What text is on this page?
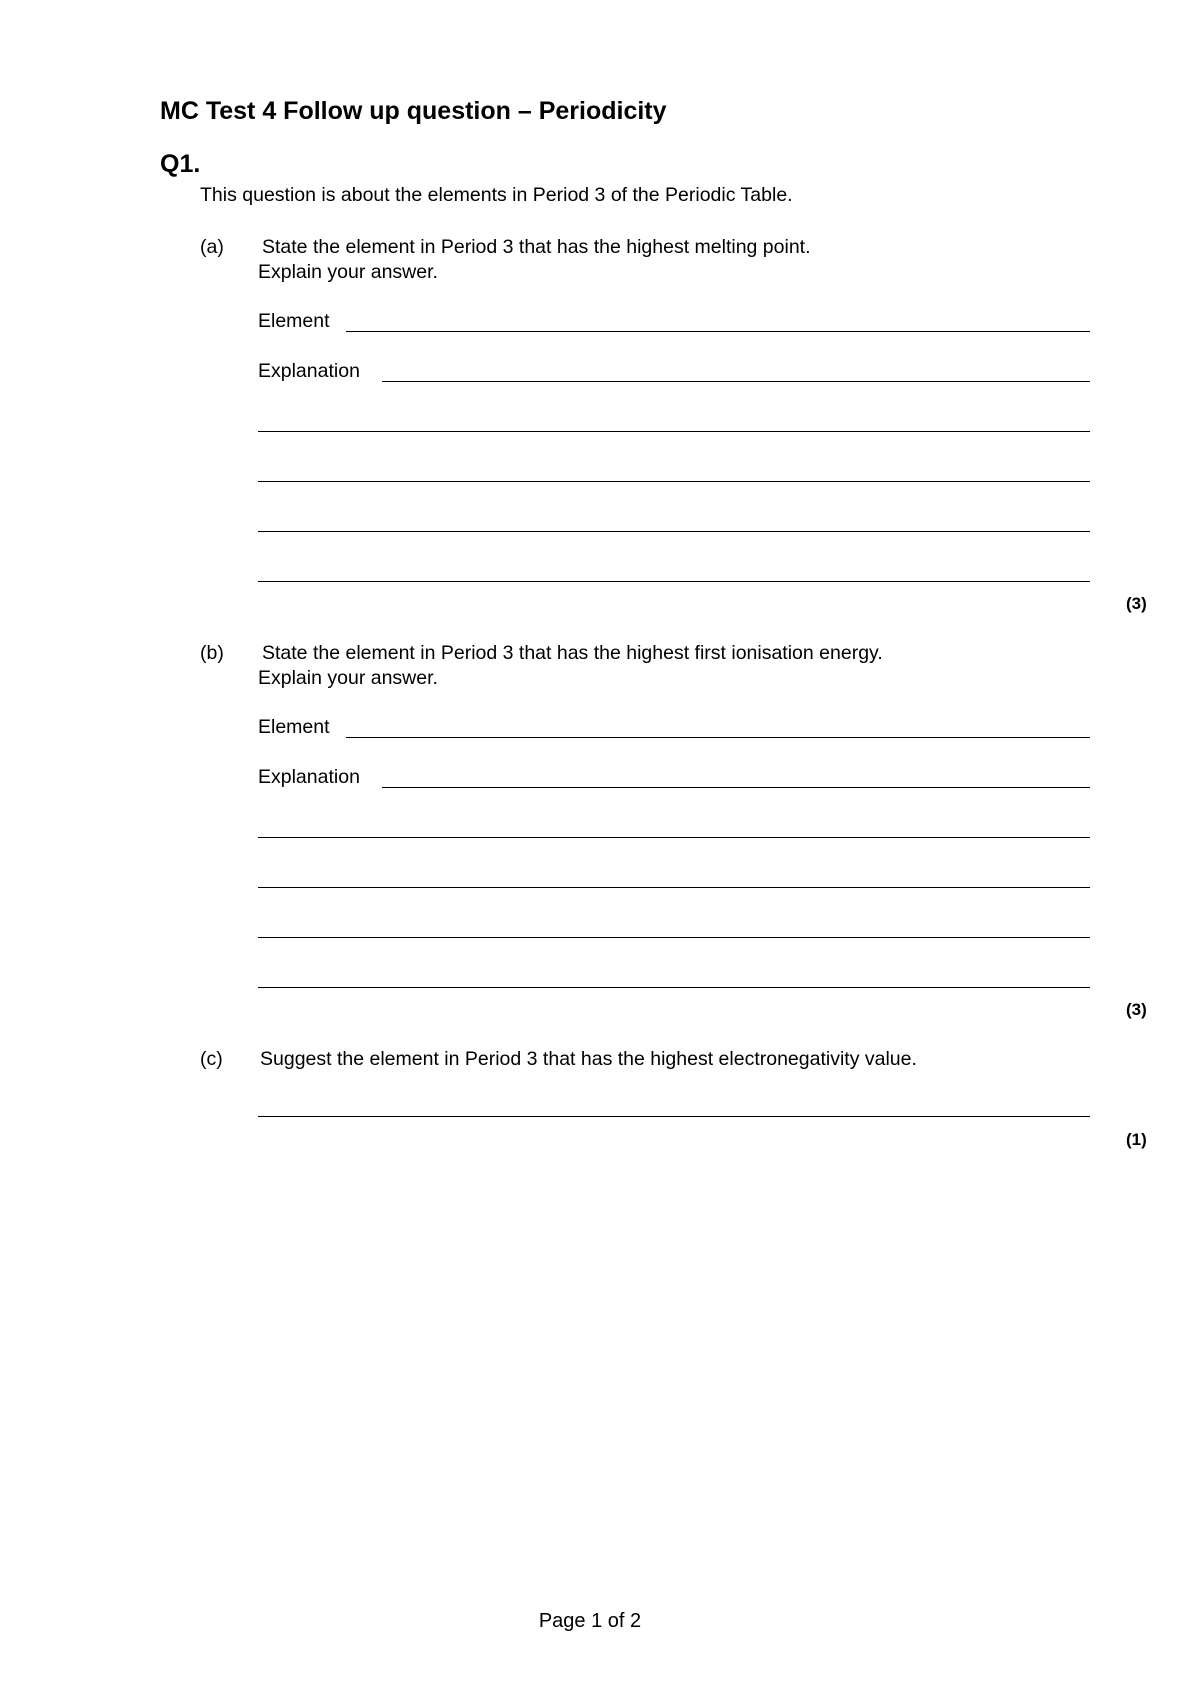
MC Test 4 Follow up question – Periodicity
Q1.
This question is about the elements in Period 3 of the Periodic Table.
(a) State the element in Period 3 that has the highest melting point.
Explain your answer.
Element
Explanation
(3)
(b) State the element in Period 3 that has the highest first ionisation energy.
Explain your answer.
Element
Explanation
(3)
(c) Suggest the element in Period 3 that has the highest electronegativity value.
(1)
Page 1 of 2
